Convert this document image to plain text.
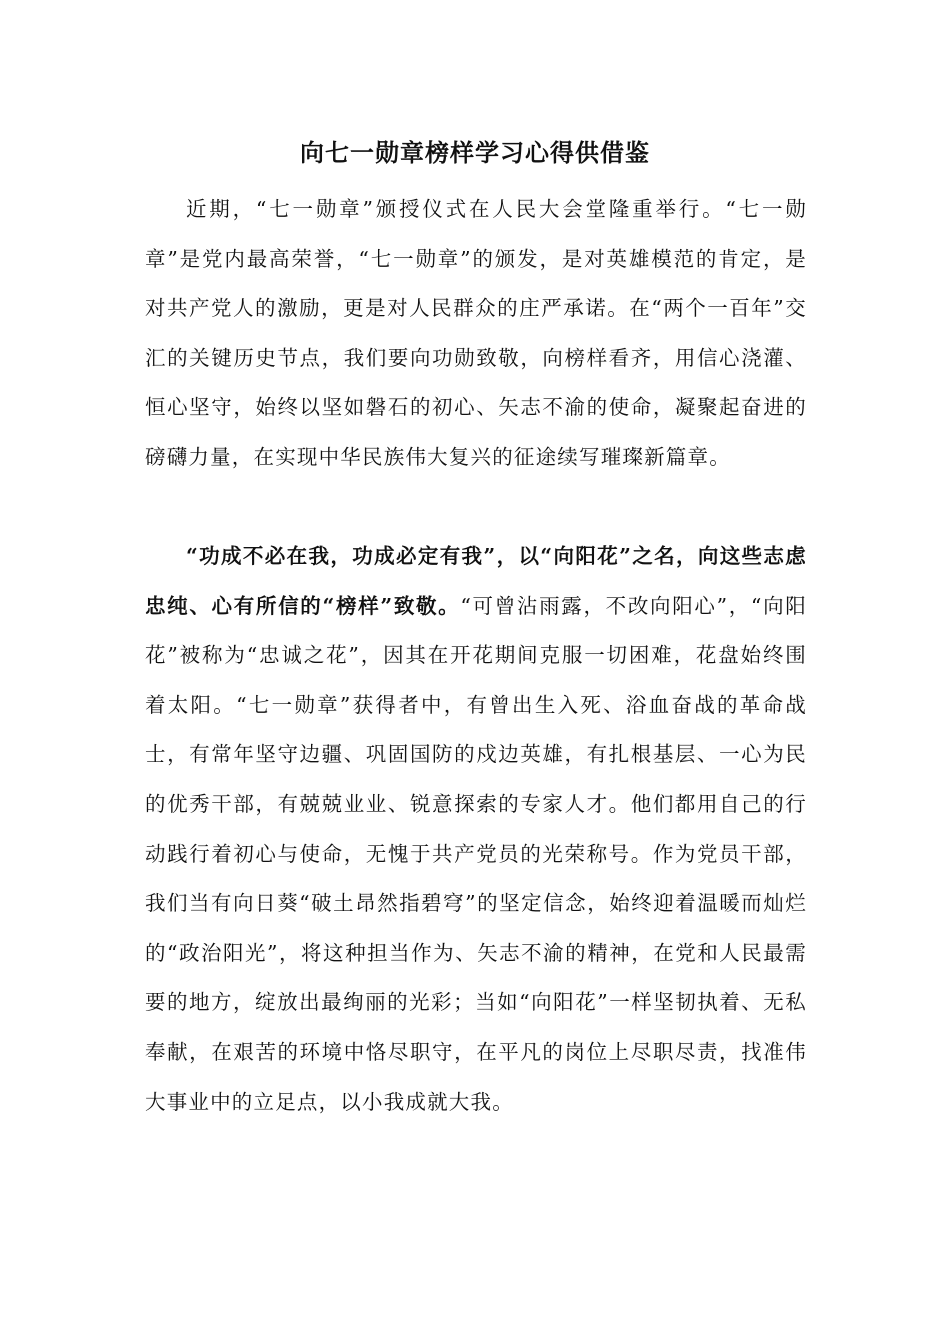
向七一勋章榜样学习心得供借鉴

近期，“七一勋章”颁授仪式在人民大会堂隆重举行。“七一勋章”是党内最高荣誉，“七一勋章”的颁发，是对英雄模范的肯定，是对共产党人的激励，更是对人民群众的庄严承诺。在“两个一百年”交汇的关键历史节点，我们要向功勋致敬，向榜样看齐，用信心浇灌、恒心坚守，始终以坚如磐石的初心、矢志不渝的使命，凝聚起奋进的磅礴力量，在实现中华民族伟大复兴的征途续写璀璨新篇章。

“功成不必在我，功成必定有我”，以“向阳花”之名，向这些志虑忠纯、心有所信的“榜样”致敬。“可曾沾雨露，不改向阳心”，“向阳花”被称为“忠诚之花”，因其在开花期间克服一切困难，花盘始终围着太阳。“七一勋章”获得者中，有曾出生入死、浴血奋战的革命战士，有常年坚守边疆、巩固国防的戍边英雄，有扎根基层、一心为民的优秀干部，有兢兢业业、锐意探索的专家人才。他们都用自己的行动践行着初心与使命，无愧于共产党员的光荣称号。作为党员干部，我们当有向日葵“破土昂然指碧穹”的坚定信念，始终迎着温暖而灿烂的“政治阳光”，将这种担当作为、矢志不渝的精神，在党和人民最需要的地方，绽放出最绚丽的光彩；当如“向阳花”一样坚韧执着、无私奉献，在艰苦的环境中恪尽职守，在平凡的岗位上尽职尽责，找准伟大事业中的立足点，以小我成就大我。
